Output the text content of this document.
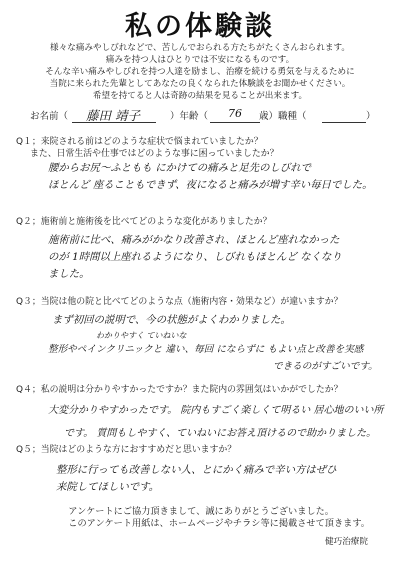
私の体験談
様々な痛みやしびれなどで、苦しんでおられる方たちがたくさんおられます。
痛みを持つ人はひとりでは不安になるものです。
そんな辛い痛みやしびれを持つ人達を励まし、治療を続ける勇気を与えるために
当院に来られた先輩としてあなたの良くなられた体験談をお聞かせください。
希望を持てると人は奇跡の結果を見ることが出来ます。
お名前（ 藤田 靖子	）年齢（ 76 歳）職種（	）
Q１；来院される前はどのような症状で悩まれていましたか？
また、日常生活や仕事ではどのような事に困っていましたか？
腰からお尻〜ふともも にかけての痛みと足先のしびれで
ほとんど 座ることもできず、夜になると痛みが増す辛い毎日でした。
Q２；施術前と施術後を比べてどのような変化がありましたか？
施術前に比べ、痛みがかなり改善され、ほとんど座れなかった
のが 1時間以上座れるようになり、しびれもほとんど なくなり
ました。
Q３；当院は他の院と比べてどのような点（施術内容・効果など）が違いますか？
まず初回の説明で、今の状態がよくわかりました。
わかりやすく ていねいな
整形やペインクリニックと 違い、毎回 にならずに もよい点と改善を実感
できるのがすごいです。
Q４；私の説明は分かりやすかったですか？また院内の雰囲気はいかがでしたか？
大変分かりやすかったです。 院内もすごく楽しくて明るい 居心地のいい所
です。 質問もしやすく、ていねいにお答え頂けるので助かりました。
Q５；当院はどのような方におすすめだと思いますか？
整形に行っても改善しない人、とにかく痛みで辛い方はぜひ
来院してほしいです。
アンケートにご協力頂きまして、誠にありがとうございました。
このアンケート用紙は、ホームページやチラシ等に掲載させて頂きます。
健巧治療院
